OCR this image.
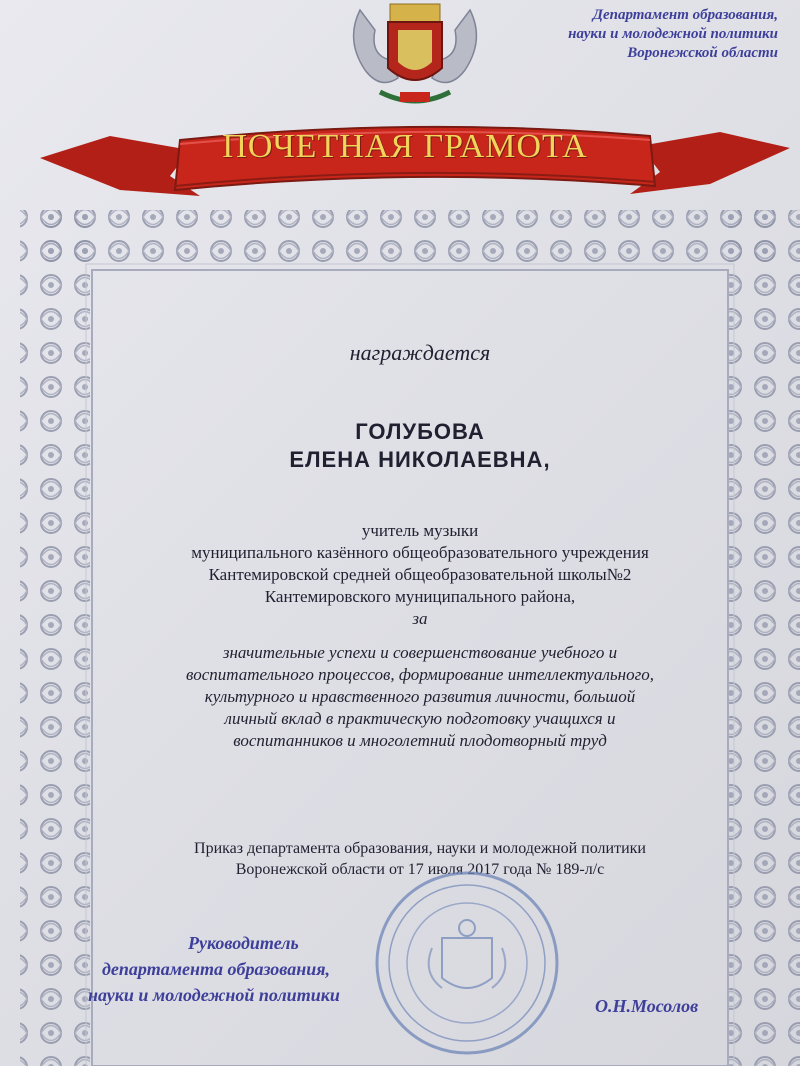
Департамент образования,
науки и молодежной политики
Воронежской области
ПОЧЕТНАЯ ГРАМОТА
награждается
ГОЛУБОВА
ЕЛЕНА НИКОЛАЕВНА,
учитель музыки
муниципального казённого общеобразовательного учреждения
Кантемировской средней общеобразовательной школы№2
Кантемировского муниципального района,
за
значительные успехи и совершенствование учебного и
воспитательного процессов, формирование интеллектуального,
культурного и нравственного развития личности, большой
личный вклад в практическую подготовку учащихся и
воспитанников и многолетний плодотворный труд
Приказ департамента образования, науки и молодежной политики
Воронежской области от 17 июля 2017 года № 189-л/с
Руководитель
департамента образования,
науки и молодежной политики
О.Н.Мосолов
